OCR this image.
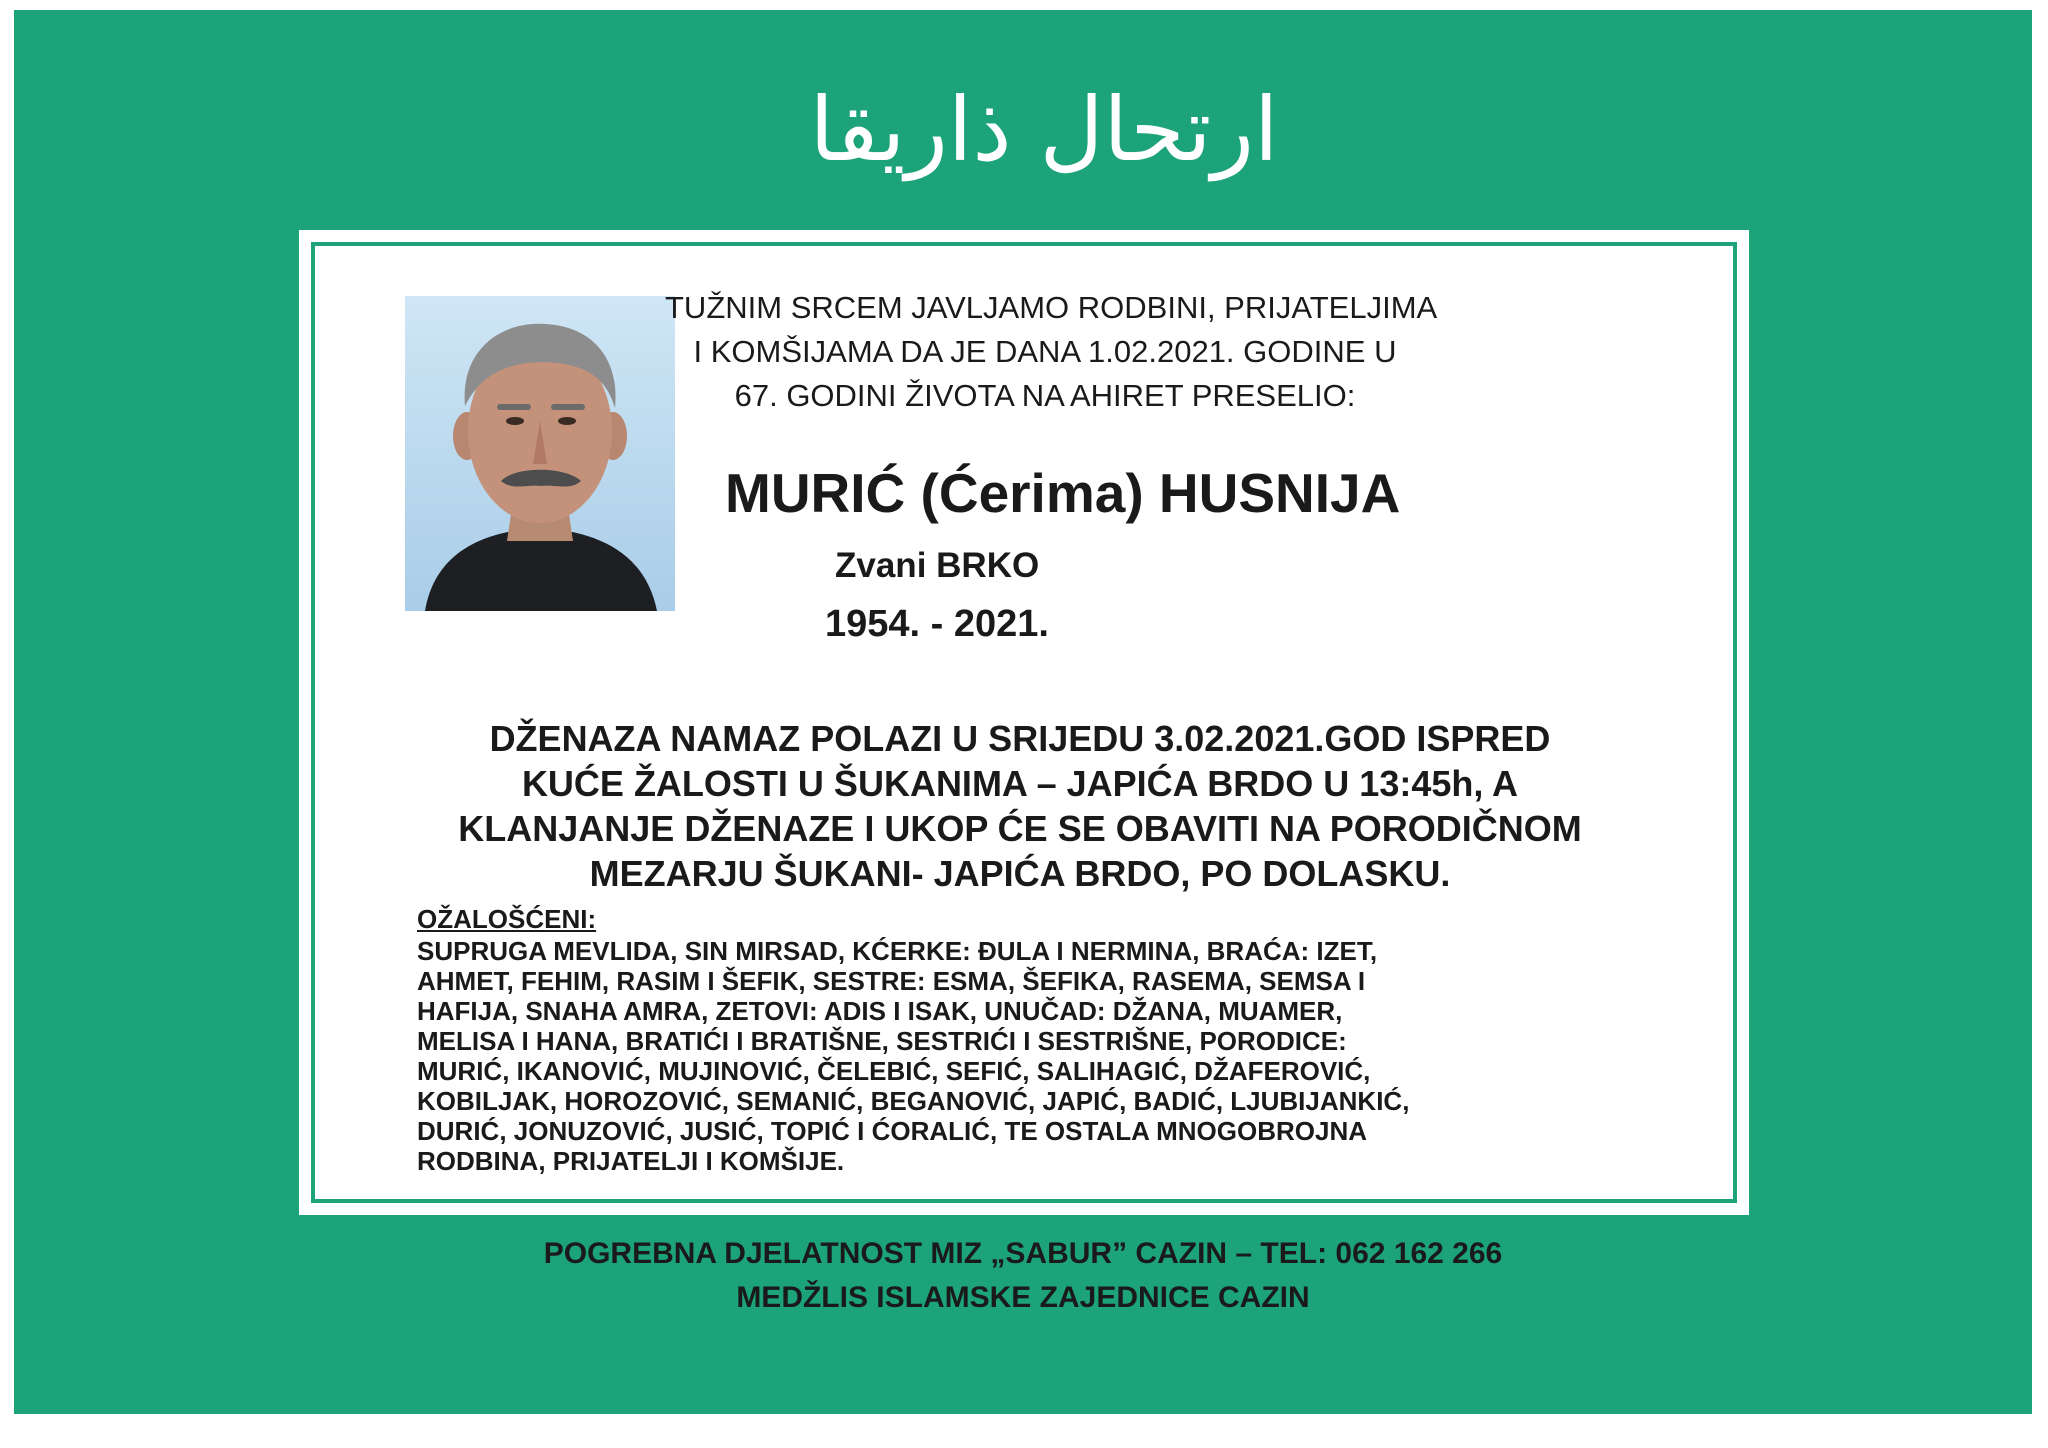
ارتحال ذاريقا
TUŽNIM SRCEM JAVLJAMO RODBINI, PRIJATELJIMA
I KOMŠIJAMA DA JE DANA 1.02.2021. GODINE U
67. GODINI ŽIVOTA NA AHIRET PRESELIO:
MURIĆ (Ćerima) HUSNIJA
Zvani BRKO
1954. - 2021.
DŽENAZA NAMAZ POLAZI U SRIJEDU 3.02.2021.GOD ISPRED
KUĆE ŽALOSTI U ŠUKANIMA – JAPIĆA BRDO U 13:45h, A
KLANJANJE DŽENAZE I UKOP ĆE SE OBAVITI NA PORODIČNOM
MEZARJU ŠUKANI- JAPIĆA BRDO, PO DOLASKU.
OŽALOŠĆENI:
SUPRUGA MEVLIDA, SIN MIRSAD, KĆERKE: ĐULA I NERMINA, BRAĆA: IZET,
AHMET, FEHIM, RASIM I ŠEFIK, SESTRE: ESMA, ŠEFIKA, RASEMA, SEMSA I
HAFIJA, SNAHA AMRA, ZETOVI: ADIS I ISAK, UNUČAD: DŽANA, MUAMER,
MELISA I HANA, BRATIĆI I BRATIŠNE, SESTRIĆI I SESTRIŠNE, PORODICE:
MURIĆ, IKANOVIĆ, MUJINOVIĆ, ČELEBIĆ, SEFIĆ, SALIHAGIĆ, DŽAFEROVIĆ,
KOBILJAK, HOROZOVIĆ, SEMANIĆ, BEGANOVIĆ, JAPIĆ, BADIĆ, LJUBIJANKIĆ,
DURIĆ, JONUZOVIĆ, JUSIĆ, TOPIĆ I ĆORALIĆ, TE OSTALA MNOGOBROJNA
RODBINA, PRIJATELJI I KOMŠIJE.
POGREBNA DJELATNOST MIZ „SABUR” CAZIN – TEL: 062 162 266
MEDŽLIS ISLAMSKE ZAJEDNICE CAZIN
